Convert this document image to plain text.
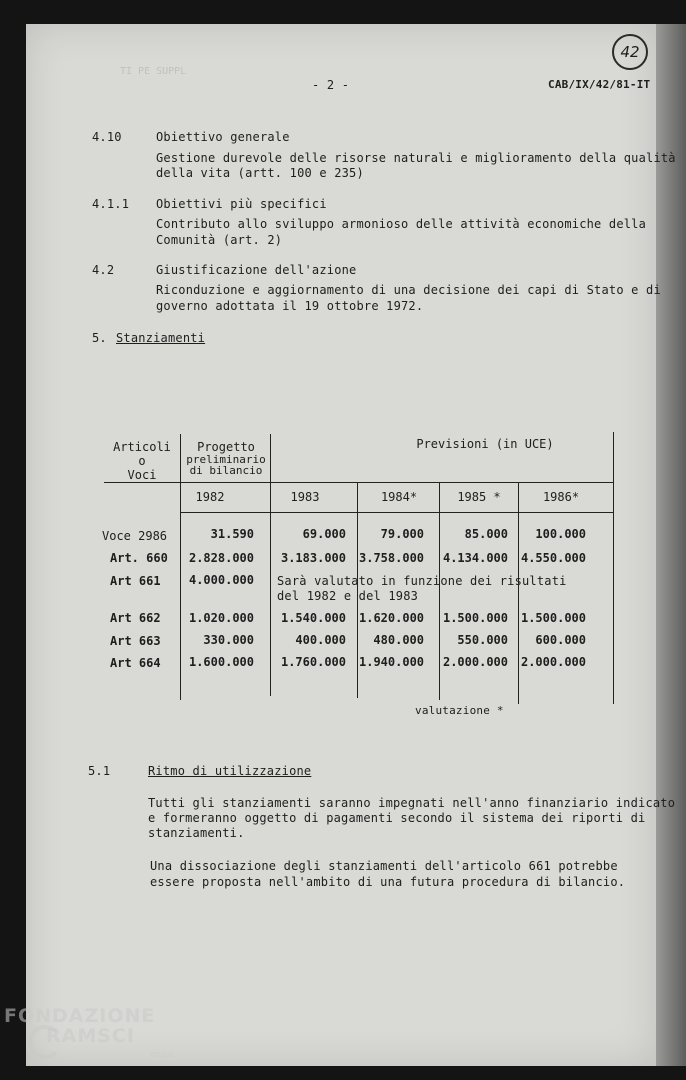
TI PE SUPPL
- 2 -	CAB/IX/42/81-IT
42
4.10	Obiettivo generale
Gestione durevole delle risorse naturali e miglioramento della qualità
della vita (artt. 100 e 235)
4.1.1 Obiettivi più specifici
Contributo allo sviluppo armonioso delle attività economiche della
Comunità (art. 2)
4.2	Giustificazione dell'azione
Riconduzione e aggiornamento di una decisione dei capi di Stato e di
governo adottata il 19 ottobre 1972.
5. Stanziamenti
Articoli
o
Voci
Progetto
preliminario
di bilancio
Previsioni (in UCE)
1982	1983	1984*	1985 *	1986*
Voce 2986	31.590	69.000	79.000	85.000	100.000
Art. 660	2.828.000	3.183.000 3.758.000 4.134.000 4.550.000
Art 661	4.000.000 Sarà valutato in funzione dei risultati
del 1982 e del 1983
Art 662	1.020.000	1.540.000 1.620.000 1.500.000 1.500.000
Art 663	330.000	400.000	480.000	550.000	600.000
Art 664	1.600.000	1.760.000 1.940.000 2.000.000 2.000.000
valutazione *
5.1	Ritmo di utilizzazione
Tutti gli stanziamenti saranno impegnati nell'anno finanziario indicato
e formeranno oggetto di pagamenti secondo il sistema dei riporti di
stanziamenti.
Una dissociazione degli stanziamenti dell'articolo 661 potrebbe
essere proposta nell'ambito di una futura procedura di bilancio.
FONDAZIONE
RAMSCI
onlus
